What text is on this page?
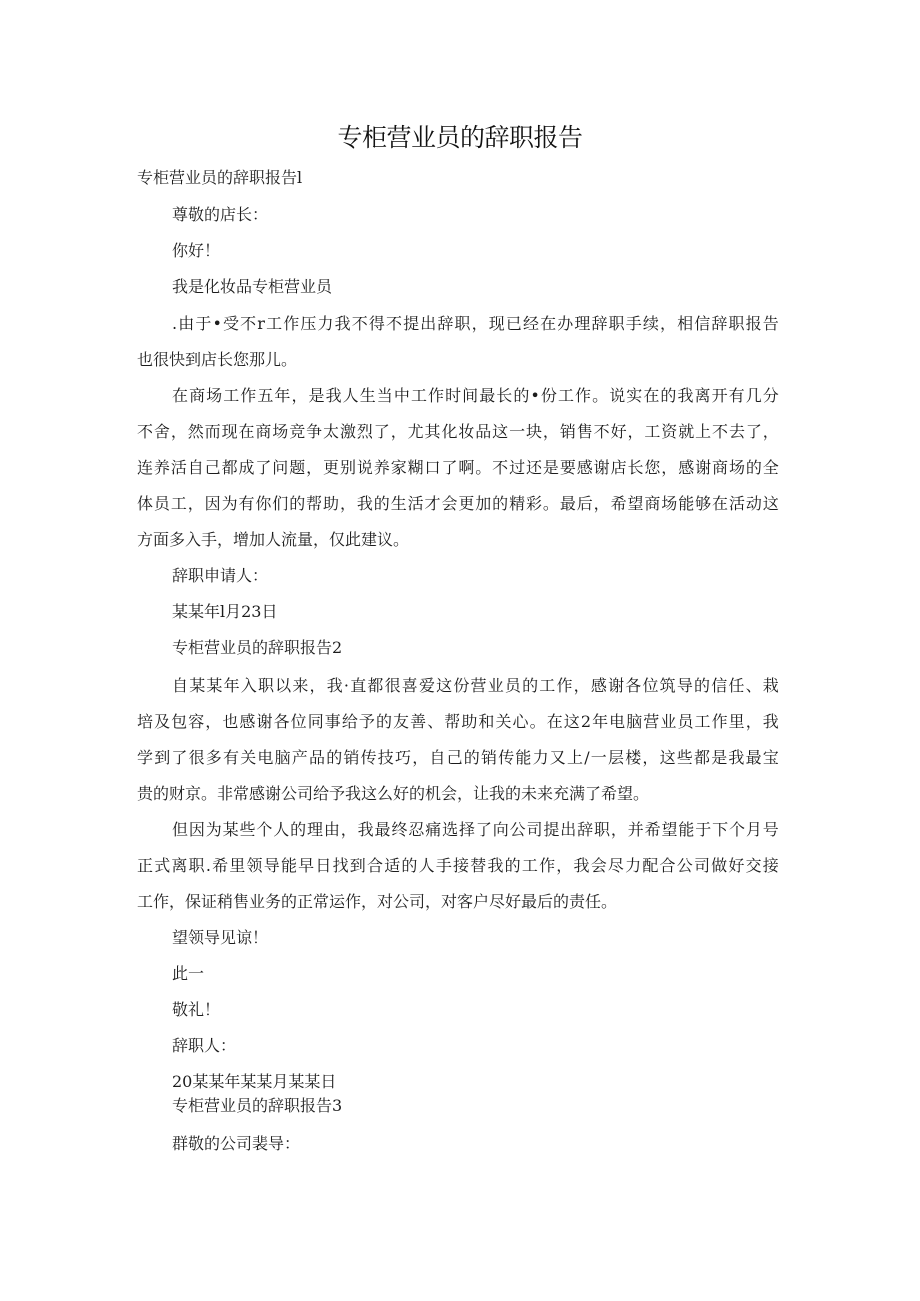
专柜营业员的辞职报告
专柜营业员的辞职报告l
尊敬的店长：
你好！
我是化妆品专柜营业员
.由于•受不r工作压力我不得不提出辞职，现已经在办理辞职手续，相信辞职报告
也很快到店长您那儿。
在商场工作五年，是我人生当中工作时间最长的•份工作。说实在的我离开有几分
不舍，然而现在商场竞争太激烈了，尤其化妆品这一块，销售不好，工资就上不去了，
连养活自己都成了问题，更别说养家糊口了啊。不过还是要感谢店长您，感谢商场的全
体员工，因为有你们的帮助，我的生活才会更加的精彩。最后，希望商场能够在活动这
方面多入手，增加人流量，仅此建议。
辞职申请人：
某某年l月23日
专柜营业员的辞职报告2
自某某年入职以来，我·直都很喜爱这份营业员的工作，感谢各位筑导的信任、栽
培及包容，也感谢各位同事给予的友善、帮助和关心。在这2年电脑营业员工作里，我
学到了很多有关电脑产品的销传技巧，自己的销传能力又上/一层楼，这些都是我最宝
贵的财京。非常感谢公司给予我这么好的机会，让我的未来充满了希望。
但因为某些个人的理由，我最终忍痛选择了向公司提出辞职，并希望能于下个月号
正式离职.希里领导能早日找到合适的人手接替我的工作，我会尽力配合公司做好交接
工作，保证稍售业务的正常运作，对公司，对客户尽好最后的责任。
望领导见谅！
此一
敬礼！
辞职人：
20某某年某某月某某日
专柜营业员的辞职报告3
群敬的公司裴导：
